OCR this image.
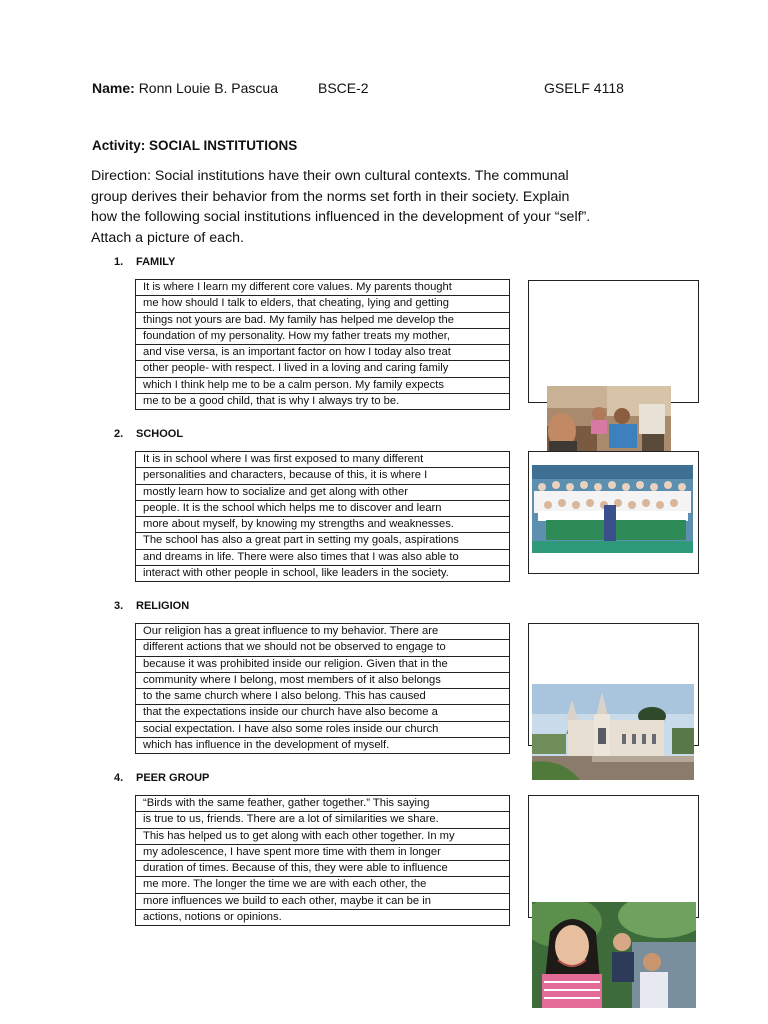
Name: Ronn Louie B. Pascua	BSCE-2	GSELF 4118
Activity: SOCIAL INSTITUTIONS
Direction: Social institutions have their own cultural contexts. The communal
group derives their behavior from the norms set forth in their society. Explain
how the following social institutions influenced in the development of your “self”.
Attach a picture of each.
1. FAMILY
It is where I learn my different core values. My parents thought
me how should I talk to elders, that cheating, lying and getting
things not yours are bad. My family has helped me develop the
foundation of my personality. How my father treats my mother,
and vise versa, is an important factor on how I today also treat
other people- with respect. I lived in a loving and caring family
which I think help me to be a calm person. My family expects
me to be a good child, that is why I always try to be.
2. SCHOOL
It is in school where I was first exposed to many different
personalities and characters, because of this, it is where I
mostly learn how to socialize and get along with other
people. It is the school which helps me to discover and learn
more about myself, by knowing my strengths and weaknesses.
The school has also a great part in setting my goals, aspirations
and dreams in life. There were also times that I was also able to
interact with other people in school, like leaders in the society.
3. RELIGION
Our religion has a great influence to my behavior. There are
different actions that we should not be observed to engage to
because it was prohibited inside our religion. Given that in the
community where I belong, most members of it also belongs
to the same church where I also belong. This has caused
that the expectations inside our church have also become a
social expectation. I have also some roles inside our church
which has influence in the development of myself.
4. PEER GROUP
“Birds with the same feather, gather together.” This saying
is true to us, friends. There are a lot of similarities we share.
This has helped us to get along with each other together. In my
my adolescence, I have spent more time with them in longer
duration of times. Because of this, they were able to influence
me more. The longer the time we are with each other, the
more influences we build to each other, maybe it can be in
actions, notions or opinions.
